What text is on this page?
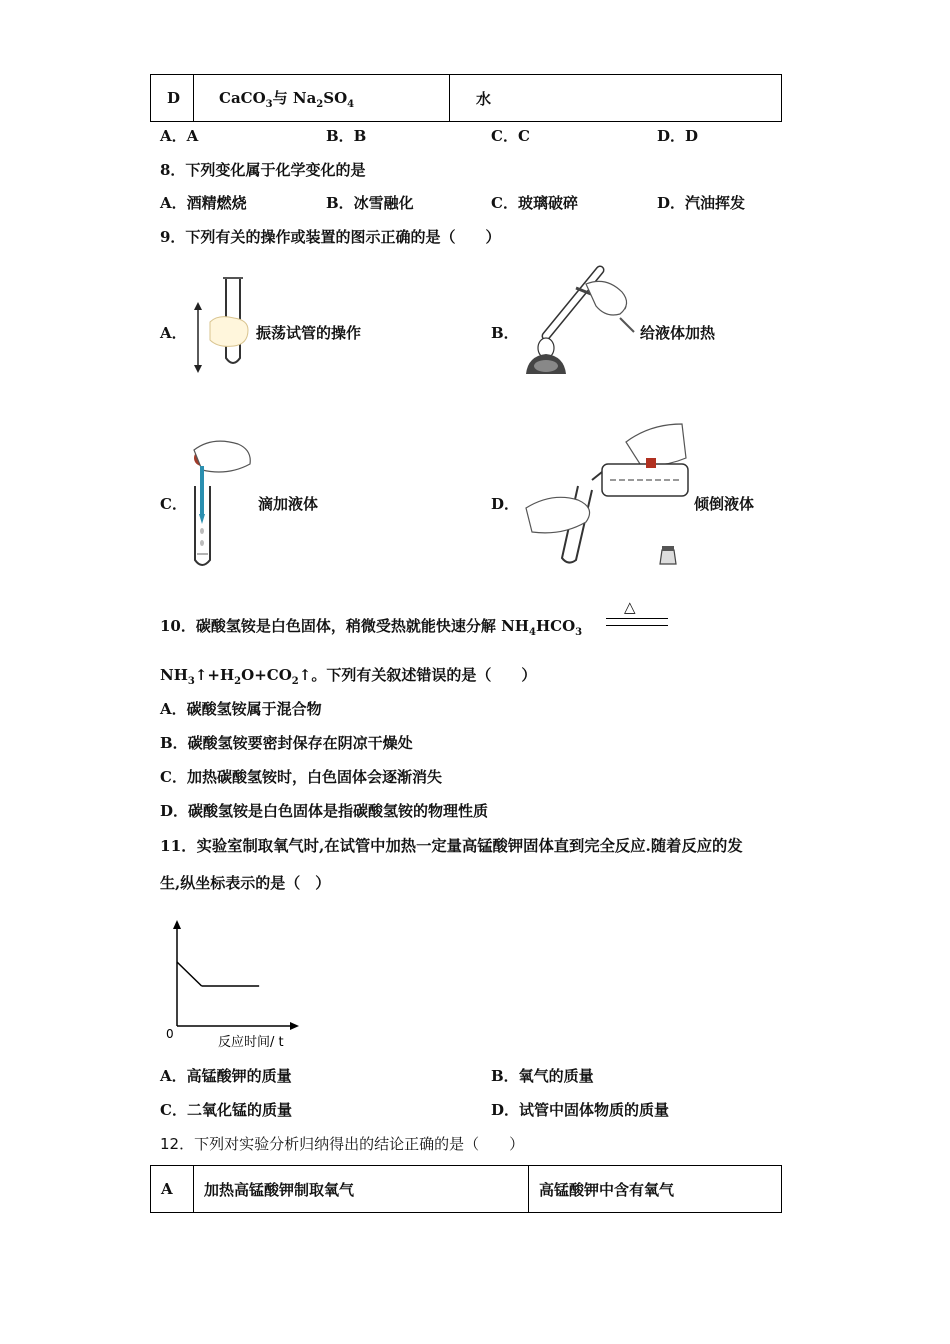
D	CaCO$_3$与 $Na_2SO_4$	水
A．A	B．B	C．C	D．D
8．下列变化属于化学变化的是
A．酒精燃烧	B．冰雪融化	C．玻璃破碎	D．汽油挥发
9．下列有关的操作或装置的图示正确的是（　　）
A．	振荡试管的操作	B．	给液体加热
C．	滴加液体	D．	倾倒液体
10．碳酸氢铵是白色固体，稍微受热就能快速分解 $NH_4HCO_3$
△
$NH_3↑+H_2O+CO_2↑$。下列有关叙述错误的是（　　）
A．碳酸氢铵属于混合物
B．碳酸氢铵要密封保存在阴凉干燥处
C．加热碳酸氢铵时，白色固体会逐渐消失
D．碳酸氢铵是白色固体是指碳酸氢铵的物理性质
11．实验室制取氧气时,在试管中加热一定量高锰酸钾固体直到完全反应.随着反应的发
生,纵坐标表示的是（　）
0
反应时间/ t
A．高锰酸钾的质量	B．氧气的质量
C．二氧化锰的质量	D．试管中固体物质的质量
12．下列对实验分析归纳得出的结论正确的是（　　）
A	加热高锰酸钾制取氧气	高锰酸钾中含有氧气
